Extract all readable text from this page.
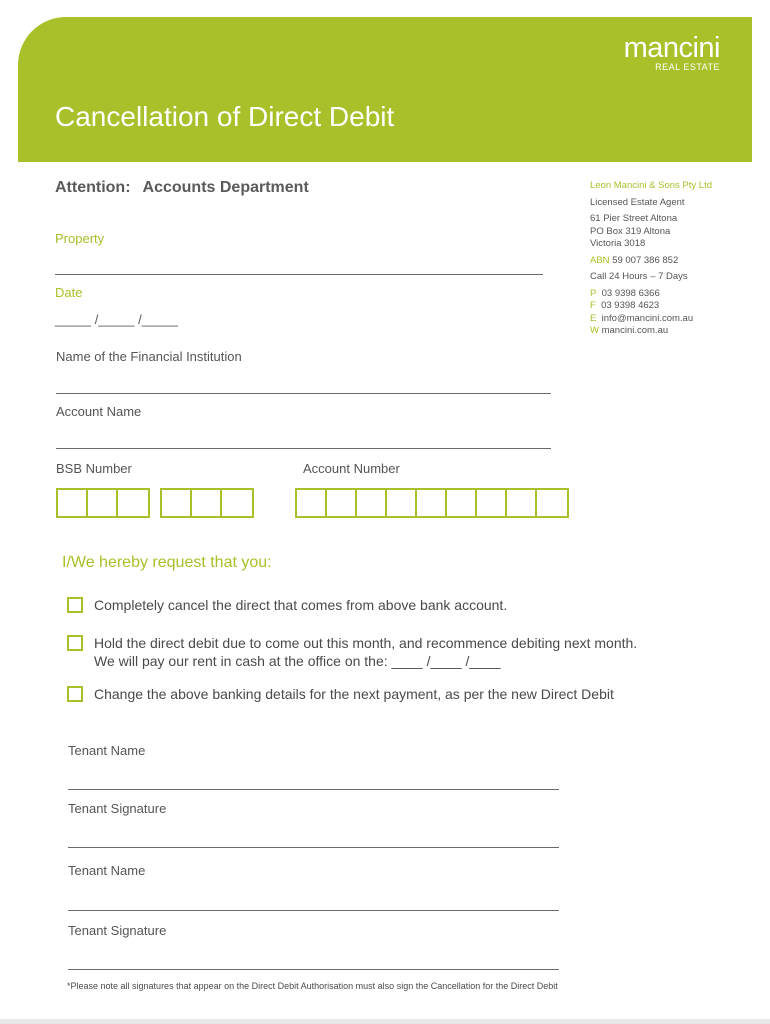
mancini
REAL ESTATE
Cancellation of Direct Debit
Attention: Accounts Department
Property
Date
_____ /_____ /_____
Leon Mancini & Sons Pty Ltd
Licensed Estate Agent
61 Pier Street Altona
PO Box 319 Altona
Victoria 3018
ABN 59 007 386 852
Call 24 Hours – 7 Days
P 03 9398 6366
F 03 9398 4623
E info@mancini.com.au
W mancini.com.au
Name of the Financial Institution
Account Name
BSB Number	Account Number
I/We hereby request that you:
Completely cancel the direct that comes from above bank account.
Hold the direct debit due to come out this month, and recommence debiting next month.
We will pay our rent in cash at the office on the: ____ /____ /____
Change the above banking details for the next payment, as per the new Direct Debit
Tenant Name
Tenant Signature
Tenant Name
Tenant Signature
*Please note all signatures that appear on the Direct Debit Authorisation must also sign the Cancellation for the Direct Debit
